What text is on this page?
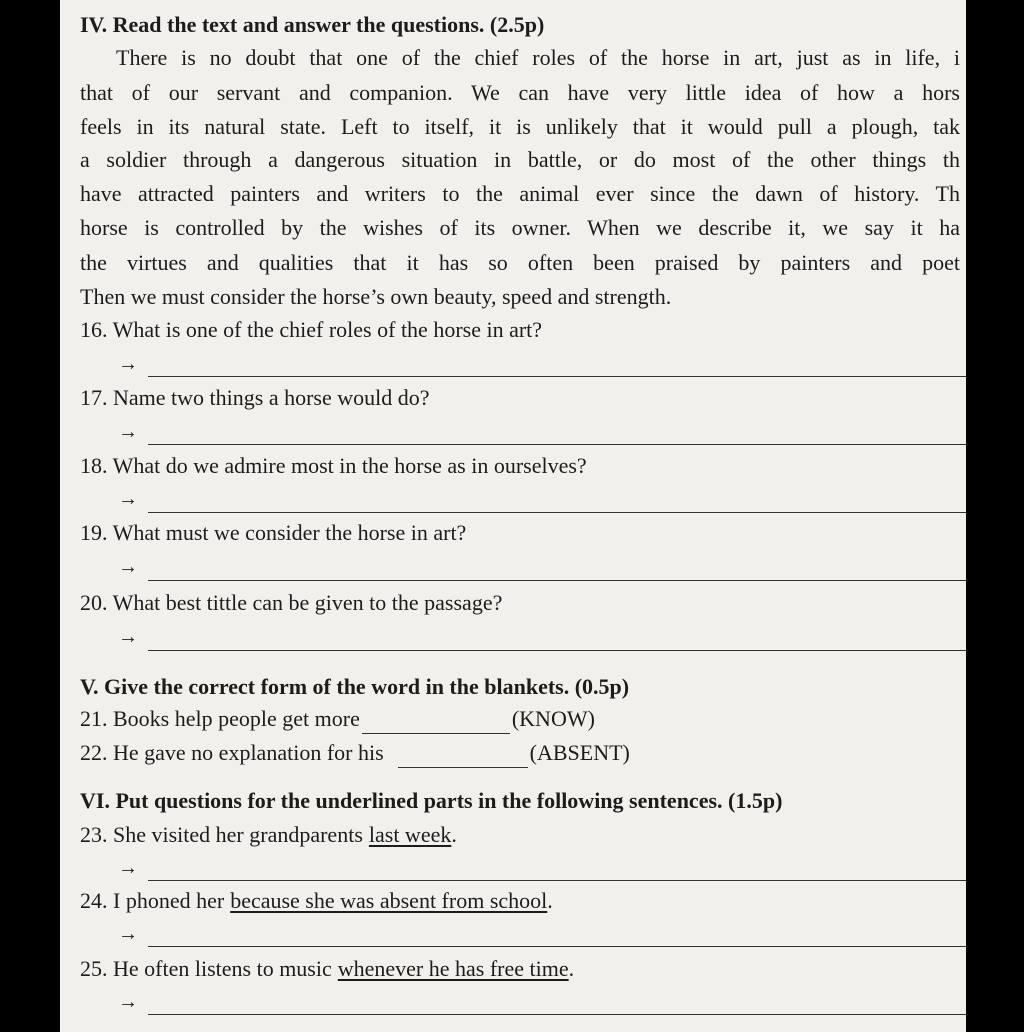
IV. Read the text and answer the questions. (2.5p)
There is no doubt that one of the chief roles of the horse in art, just as in life, i
that of our servant and companion. We can have very little idea of how a hors
feels in its natural state. Left to itself, it is unlikely that it would pull a plough, tak
a soldier through a dangerous situation in battle, or do most of the other things th
have attracted painters and writers to the animal ever since the dawn of history. Th
horse is controlled by the wishes of its owner. When we describe it, we say it ha
the virtues and qualities that it has so often been praised by painters and poet
Then we must consider the horse’s own beauty, speed and strength.
16. What is one of the chief roles of the horse in art?
→
17. Name two things a horse would do?
→
18. What do we admire most in the horse as in ourselves?
→
19. What must we consider the horse in art?
→
20. What best tittle can be given to the passage?
→
V. Give the correct form of the word in the blankets. (0.5p)
21. Books help people get more	(KNOW)
22. He gave no explanation for his	(ABSENT)
VI. Put questions for the underlined parts in the following sentences. (1.5p)
23. She visited her grandparents last week.
→
24. I phoned her because she was absent from school.
→
25. He often listens to music whenever he has free time.
→
